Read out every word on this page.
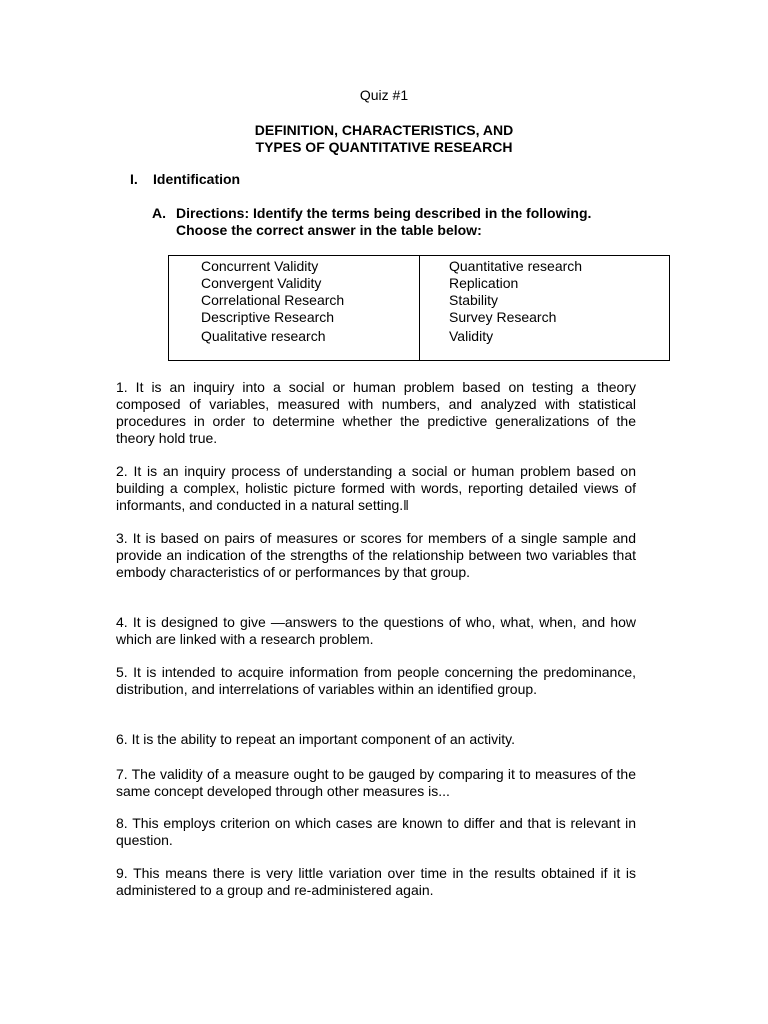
Quiz #1
DEFINITION, CHARACTERISTICS, AND
TYPES OF QUANTITATIVE RESEARCH
I. Identification
A. Directions: Identify the terms being described in the following. Choose the correct answer in the table below:
Concurrent Validity
Convergent Validity
Correlational Research
Descriptive Research
Qualitative research
Quantitative research
Replication
Stability
Survey Research
Validity
1. It is an inquiry into a social or human problem based on testing a theory composed of variables, measured with numbers, and analyzed with statistical procedures in order to determine whether the predictive generalizations of the theory hold true.
2. It is an inquiry process of understanding a social or human problem based on building a complex, holistic picture formed with words, reporting detailed views of informants, and conducted in a natural setting.‖
3. It is based on pairs of measures or scores for members of a single sample and provide an indication of the strengths of the relationship between two variables that embody characteristics of or performances by that group.
4. It is designed to give ―answers to the questions of who, what, when, and how which are linked with a research problem.
5. It is intended to acquire information from people concerning the predominance, distribution, and interrelations of variables within an identified group.
6. It is the ability to repeat an important component of an activity.
7. The validity of a measure ought to be gauged by comparing it to measures of the same concept developed through other measures is...
8. This employs criterion on which cases are known to differ and that is relevant in question.
9. This means there is very little variation over time in the results obtained if it is administered to a group and re-administered again.
